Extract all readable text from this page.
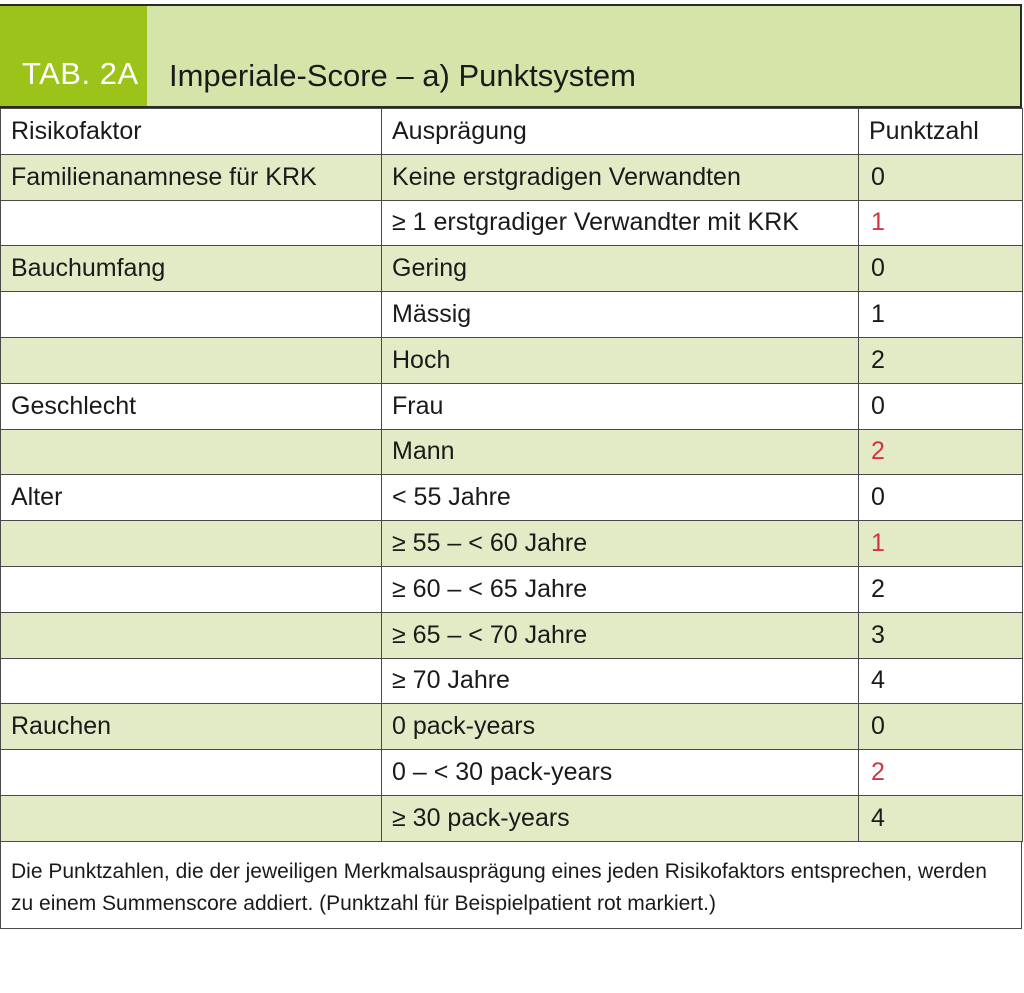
TAB. 2A Imperiale-Score – a) Punktsystem
Risikofaktor	Ausprägung	Punktzahl
Familienanamnese für KRK	Keine erstgradigen Verwandten	0
	≥ 1 erstgradiger Verwandter mit KRK	1
Bauchumfang	Gering	0
	Mässig	1
	Hoch	2
Geschlecht	Frau	0
	Mann	2
Alter	< 55 Jahre	0
	≥ 55 – < 60 Jahre	1
	≥ 60 – < 65 Jahre	2
	≥ 65 – < 70 Jahre	3
	≥ 70 Jahre	4
Rauchen	0 pack-years	0
	0 – < 30 pack-years	2
	≥ 30 pack-years	4
Die Punktzahlen, die der jeweiligen Merkmalsausprägung eines jeden Risikofaktors entsprechen, werden zu einem Summenscore addiert. (Punktzahl für Beispielpatient rot markiert.)
